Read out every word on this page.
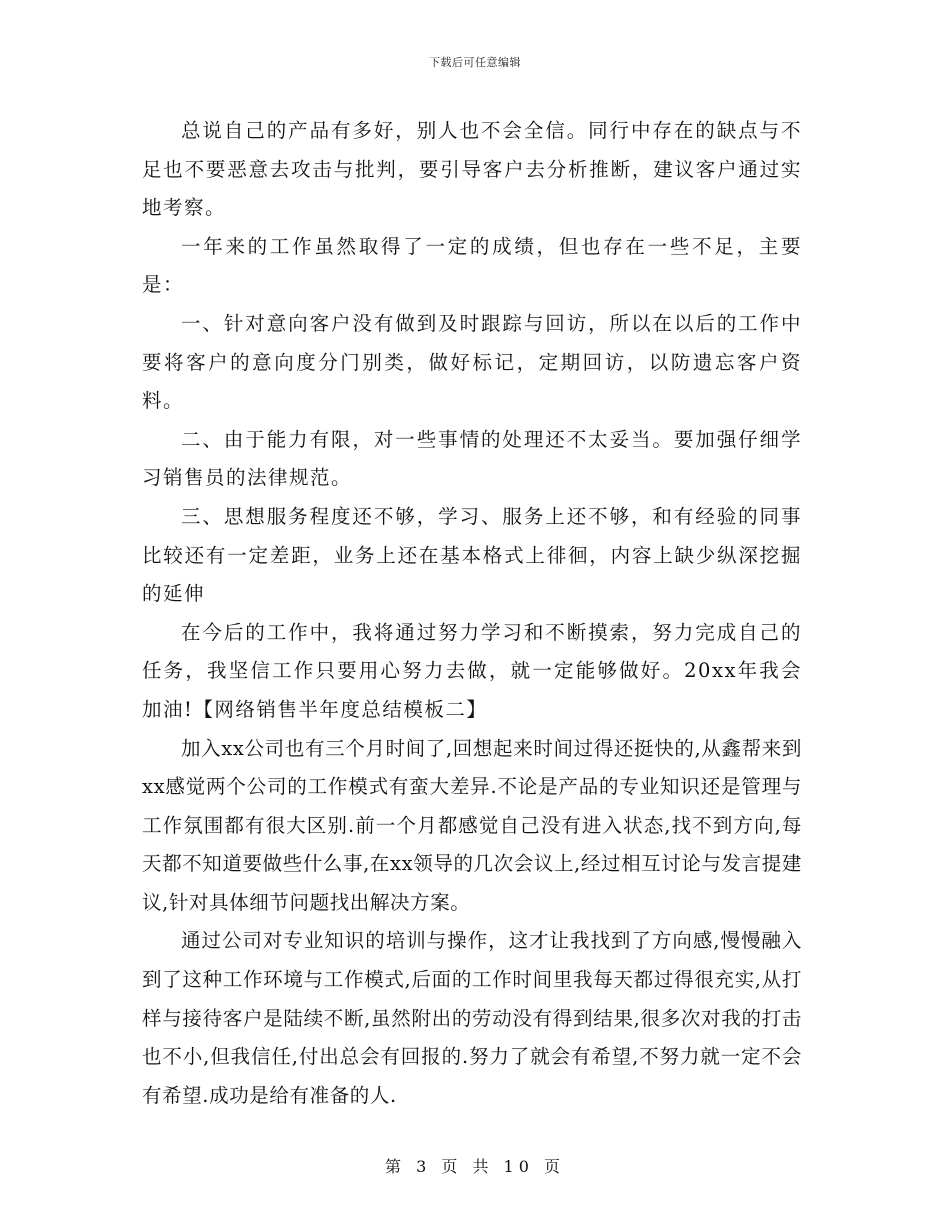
下载后可任意编辑

总说自己的产品有多好，别人也不会全信。同行中存在的缺点与不足也不要恶意去攻击与批判，要引导客户去分析推断，建议客户通过实地考察。

一年来的工作虽然取得了一定的成绩，但也存在一些不足，主要是：

一、针对意向客户没有做到及时跟踪与回访，所以在以后的工作中要将客户的意向度分门别类，做好标记，定期回访，以防遗忘客户资料。

二、由于能力有限，对一些事情的处理还不太妥当。要加强仔细学习销售员的法律规范。

三、思想服务程度还不够，学习、服务上还不够，和有经验的同事比较还有一定差距，业务上还在基本格式上徘徊，内容上缺少纵深挖掘的延伸

在今后的工作中，我将通过努力学习和不断摸索，努力完成自己的任务，我坚信工作只要用心努力去做，就一定能够做好。20xx年我会加油!【网络销售半年度总结模板二】

加入xx公司也有三个月时间了,回想起来时间过得还挺快的,从鑫帮来到xx感觉两个公司的工作模式有蛮大差异.不论是产品的专业知识还是管理与工作氛围都有很大区别.前一个月都感觉自己没有进入状态,找不到方向,每天都不知道要做些什么事,在xx领导的几次会议上,经过相互讨论与发言提建议,针对具体细节问题找出解决方案。

通过公司对专业知识的培训与操作，这才让我找到了方向感,慢慢融入到了这种工作环境与工作模式,后面的工作时间里我每天都过得很充实,从打样与接待客户是陆续不断,虽然附出的劳动没有得到结果,很多次对我的打击也不小,但我信任,付出总会有回报的.努力了就会有希望,不努力就一定不会有希望.成功是给有准备的人.

第 3 页 共 10 页
